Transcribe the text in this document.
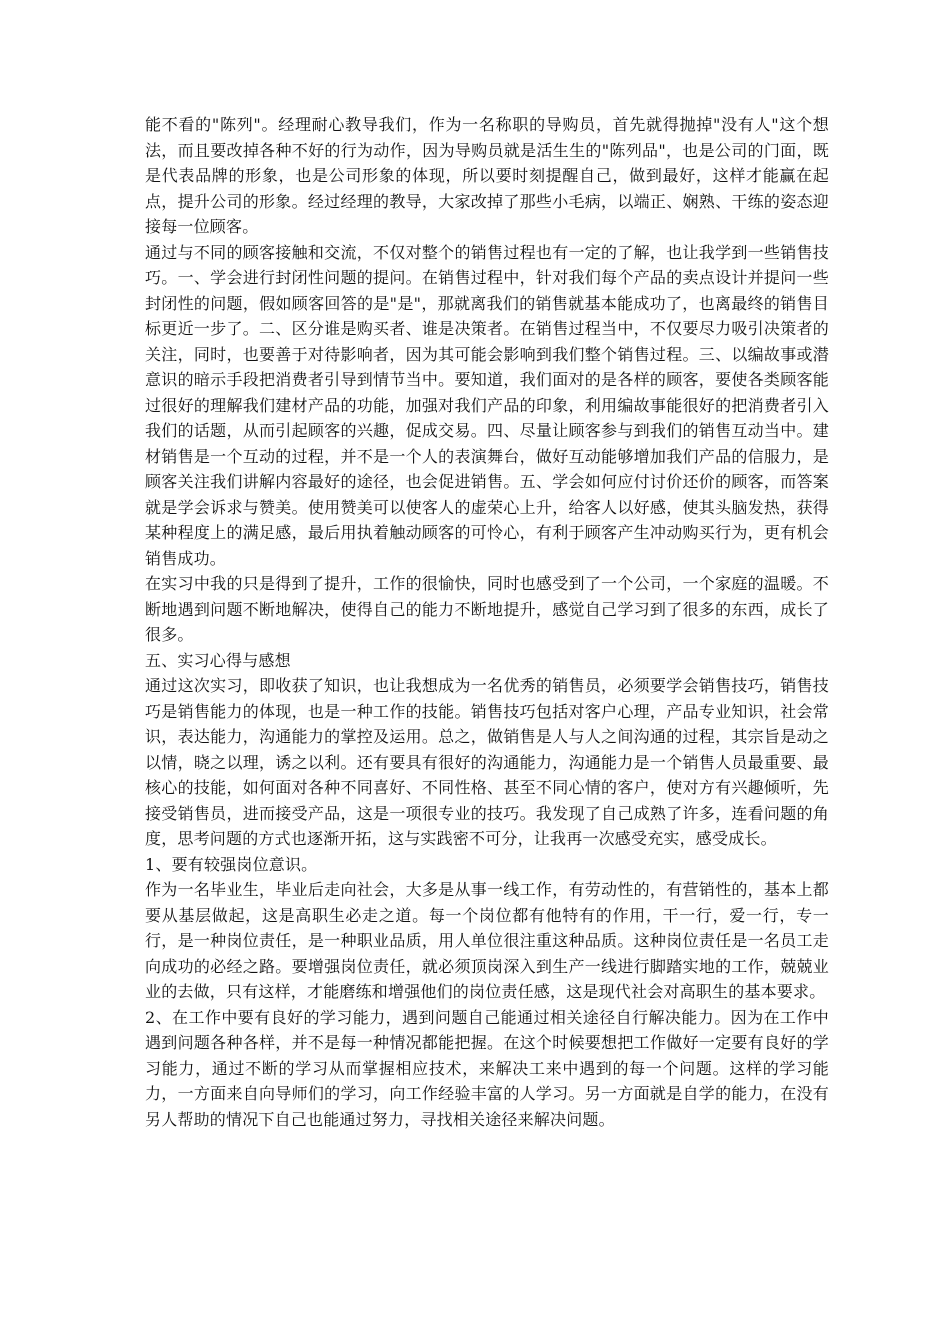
能不看的"陈列"。经理耐心教导我们，作为一名称职的导购员，首先就得抛掉"没有人"这个想法，而且要改掉各种不好的行为动作，因为导购员就是活生生的"陈列品"，也是公司的门面，既是代表品牌的形象，也是公司形象的体现，所以要时刻提醒自己，做到最好，这样才能赢在起点，提升公司的形象。经过经理的教导，大家改掉了那些小毛病，以端正、娴熟、干练的姿态迎接每一位顾客。

通过与不同的顾客接触和交流，不仅对整个的销售过程也有一定的了解，也让我学到一些销售技巧。一、学会进行封闭性问题的提问。在销售过程中，针对我们每个产品的卖点设计并提问一些封闭性的问题，假如顾客回答的是"是"，那就离我们的销售就基本能成功了，也离最终的销售目标更近一步了。二、区分谁是购买者、谁是决策者。在销售过程当中，不仅要尽力吸引决策者的关注，同时，也要善于对待影响者，因为其可能会影响到我们整个销售过程。三、以编故事或潜意识的暗示手段把消费者引导到情节当中。要知道，我们面对的是各样的顾客，要使各类顾客能过很好的理解我们建材产品的功能，加强对我们产品的印象，利用编故事能很好的把消费者引入我们的话题，从而引起顾客的兴趣，促成交易。四、尽量让顾客参与到我们的销售互动当中。建材销售是一个互动的过程，并不是一个人的表演舞台，做好互动能够增加我们产品的信服力，是顾客关注我们讲解内容最好的途径，也会促进销售。五、学会如何应付讨价还价的顾客，而答案就是学会诉求与赞美。使用赞美可以使客人的虚荣心上升，给客人以好感，使其头脑发热，获得某种程度上的满足感，最后用执着触动顾客的可怜心，有利于顾客产生冲动购买行为，更有机会销售成功。

在实习中我的只是得到了提升，工作的很愉快，同时也感受到了一个公司，一个家庭的温暖。不断地遇到问题不断地解决，使得自己的能力不断地提升，感觉自己学习到了很多的东西，成长了很多。

五、实习心得与感想

通过这次实习，即收获了知识，也让我想成为一名优秀的销售员，必须要学会销售技巧，销售技巧是销售能力的体现，也是一种工作的技能。销售技巧包括对客户心理，产品专业知识，社会常识，表达能力，沟通能力的掌控及运用。总之，做销售是人与人之间沟通的过程，其宗旨是动之以情，晓之以理，诱之以利。还有要具有很好的沟通能力，沟通能力是一个销售人员最重要、最核心的技能，如何面对各种不同喜好、不同性格、甚至不同心情的客户，使对方有兴趣倾听，先接受销售员，进而接受产品，这是一项很专业的技巧。我发现了自己成熟了许多，连看问题的角度，思考问题的方式也逐渐开拓，这与实践密不可分，让我再一次感受充实，感受成长。

1、要有较强岗位意识。

作为一名毕业生，毕业后走向社会，大多是从事一线工作，有劳动性的，有营销性的，基本上都要从基层做起，这是高职生必走之道。每一个岗位都有他特有的作用，干一行，爱一行，专一行，是一种岗位责任，是一种职业品质，用人单位很注重这种品质。这种岗位责任是一名员工走向成功的必经之路。要增强岗位责任，就必须顶岗深入到生产一线进行脚踏实地的工作，兢兢业业的去做，只有这样，才能磨练和增强他们的岗位责任感，这是现代社会对高职生的基本要求。

2、在工作中要有良好的学习能力，遇到问题自己能通过相关途径自行解决能力。因为在工作中遇到问题各种各样，并不是每一种情况都能把握。在这个时候要想把工作做好一定要有良好的学习能力，通过不断的学习从而掌握相应技术，来解决工来中遇到的每一个问题。这样的学习能力，一方面来自向导师们的学习，向工作经验丰富的人学习。另一方面就是自学的能力，在没有另人帮助的情况下自己也能通过努力，寻找相关途径来解决问题。
